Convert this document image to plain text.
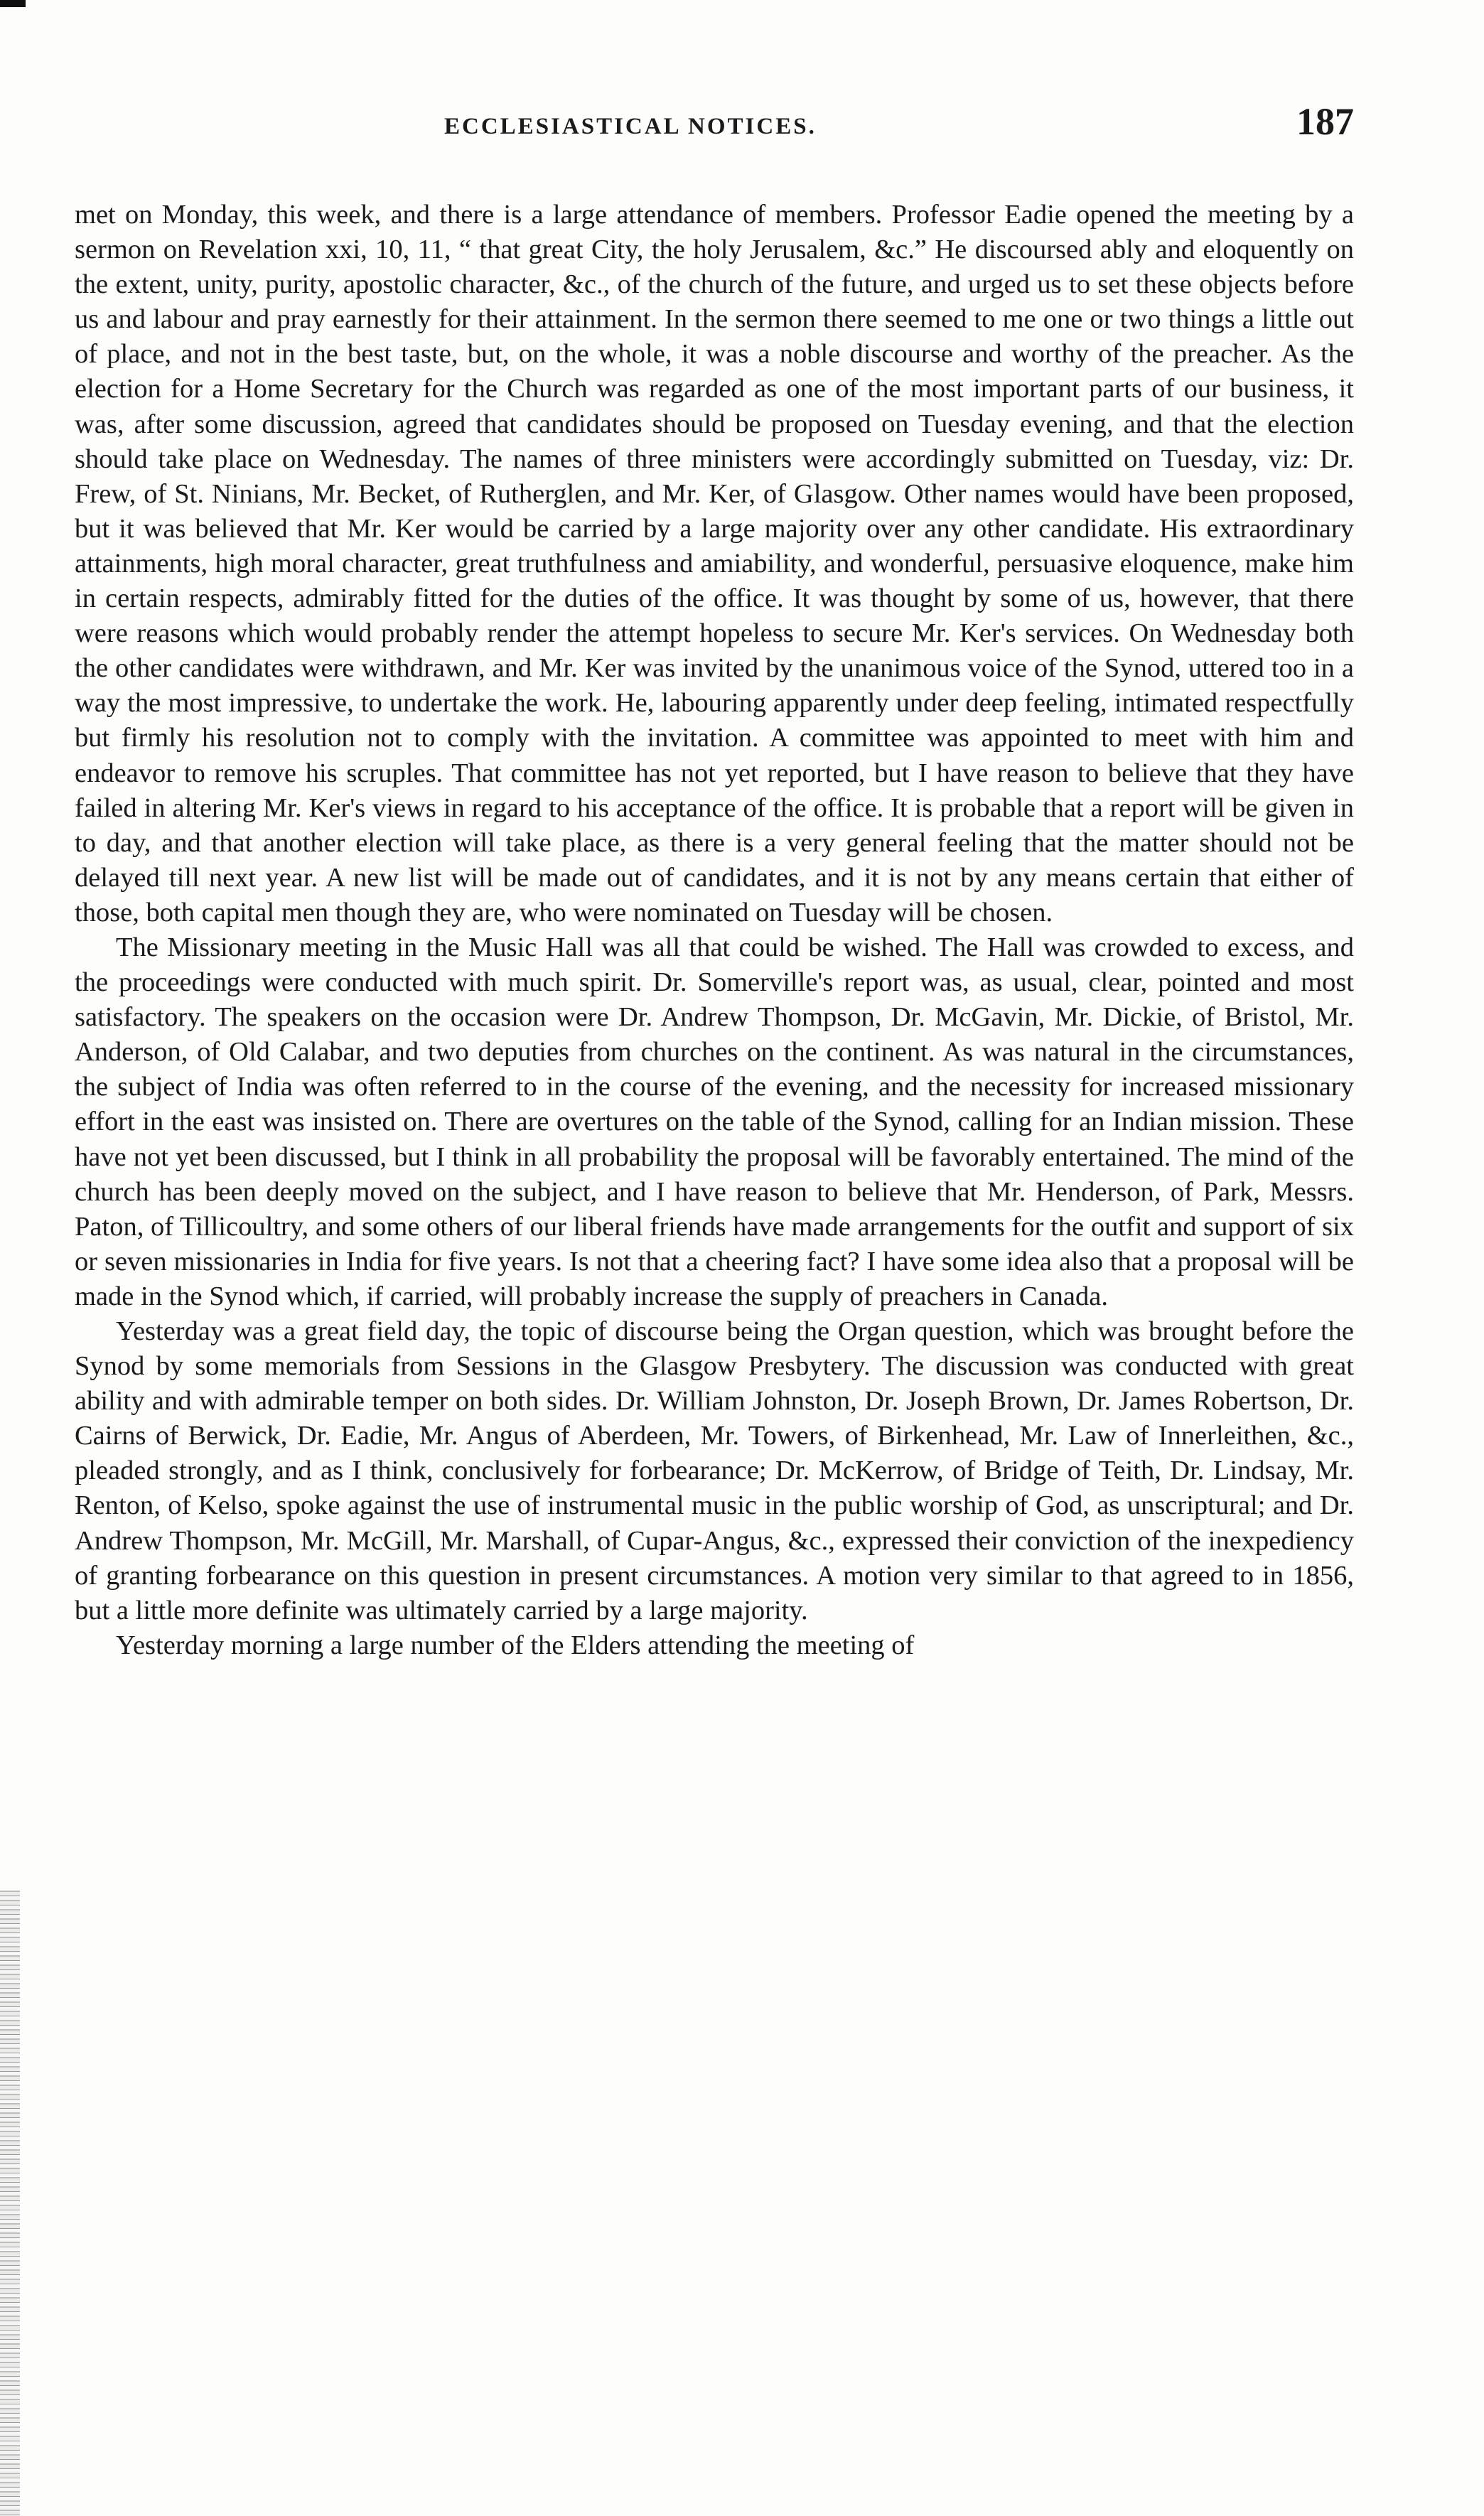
ECCLESIASTICAL NOTICES.	187

met on Monday, this week, and there is a large attendance of members. Professor Eadie opened the meeting by a sermon on Revelation xxi, 10, 11, “ that great City, the holy Jerusalem, &c.” He discoursed ably and eloquently on the extent, unity, purity, apostolic character, &c., of the church of the future, and urged us to set these objects before us and labour and pray earnestly for their attainment. In the sermon there seemed to me one or two things a little out of place, and not in the best taste, but, on the whole, it was a noble discourse and worthy of the preacher. As the election for a Home Secretary for the Church was regarded as one of the most important parts of our business, it was, after some discussion, agreed that candidates should be proposed on Tuesday evening, and that the election should take place on Wednesday. The names of three ministers were accordingly submitted on Tuesday, viz: Dr. Frew, of St. Ninians, Mr. Becket, of Rutherglen, and Mr. Ker, of Glasgow. Other names would have been proposed, but it was believed that Mr. Ker would be carried by a large majority over any other candidate. His extraordinary attainments, high moral character, great truthfulness and amiability, and wonderful, persuasive eloquence, make him in certain respects, admirably fitted for the duties of the office. It was thought by some of us, however, that there were reasons which would probably render the attempt hopeless to secure Mr. Ker's services. On Wednesday both the other candidates were withdrawn, and Mr. Ker was invited by the unanimous voice of the Synod, uttered too in a way the most impressive, to undertake the work. He, labouring apparently under deep feeling, intimated respectfully but firmly his resolution not to comply with the invitation. A committee was appointed to meet with him and endeavor to remove his scruples. That committee has not yet reported, but I have reason to believe that they have failed in altering Mr. Ker's views in regard to his acceptance of the office. It is probable that a report will be given in to day, and that another election will take place, as there is a very general feeling that the matter should not be delayed till next year. A new list will be made out of candidates, and it is not by any means certain that either of those, both capital men though they are, who were nominated on Tuesday will be chosen.

The Missionary meeting in the Music Hall was all that could be wished. The Hall was crowded to excess, and the proceedings were conducted with much spirit. Dr. Somerville's report was, as usual, clear, pointed and most satisfactory. The speakers on the occasion were Dr. Andrew Thompson, Dr. McGavin, Mr. Dickie, of Bristol, Mr. Anderson, of Old Calabar, and two deputies from churches on the continent. As was natural in the circumstances, the subject of India was often referred to in the course of the evening, and the necessity for increased missionary effort in the east was insisted on. There are overtures on the table of the Synod, calling for an Indian mission. These have not yet been discussed, but I think in all probability the proposal will be favorably entertained. The mind of the church has been deeply moved on the subject, and I have reason to believe that Mr. Henderson, of Park, Messrs. Paton, of Tillicoultry, and some others of our liberal friends have made arrangements for the outfit and support of six or seven missionaries in India for five years. Is not that a cheering fact? I have some idea also that a proposal will be made in the Synod which, if carried, will probably increase the supply of preachers in Canada.

Yesterday was a great field day, the topic of discourse being the Organ question, which was brought before the Synod by some memorials from Sessions in the Glasgow Presbytery. The discussion was conducted with great ability and with admirable temper on both sides. Dr. William Johnston, Dr. Joseph Brown, Dr. James Robertson, Dr. Cairns of Berwick, Dr. Eadie, Mr. Angus of Aberdeen, Mr. Towers, of Birkenhead, Mr. Law of Innerleithen, &c., pleaded strongly, and as I think, conclusively for forbearance; Dr. McKerrow, of Bridge of Teith, Dr. Lindsay, Mr. Renton, of Kelso, spoke against the use of instrumental music in the public worship of God, as unscriptural; and Dr. Andrew Thompson, Mr. McGill, Mr. Marshall, of Cupar-Angus, &c., expressed their conviction of the inexpediency of granting forbearance on this question in present circumstances. A motion very similar to that agreed to in 1856, but a little more definite was ultimately carried by a large majority.

Yesterday morning a large number of the Elders attending the meeting of
